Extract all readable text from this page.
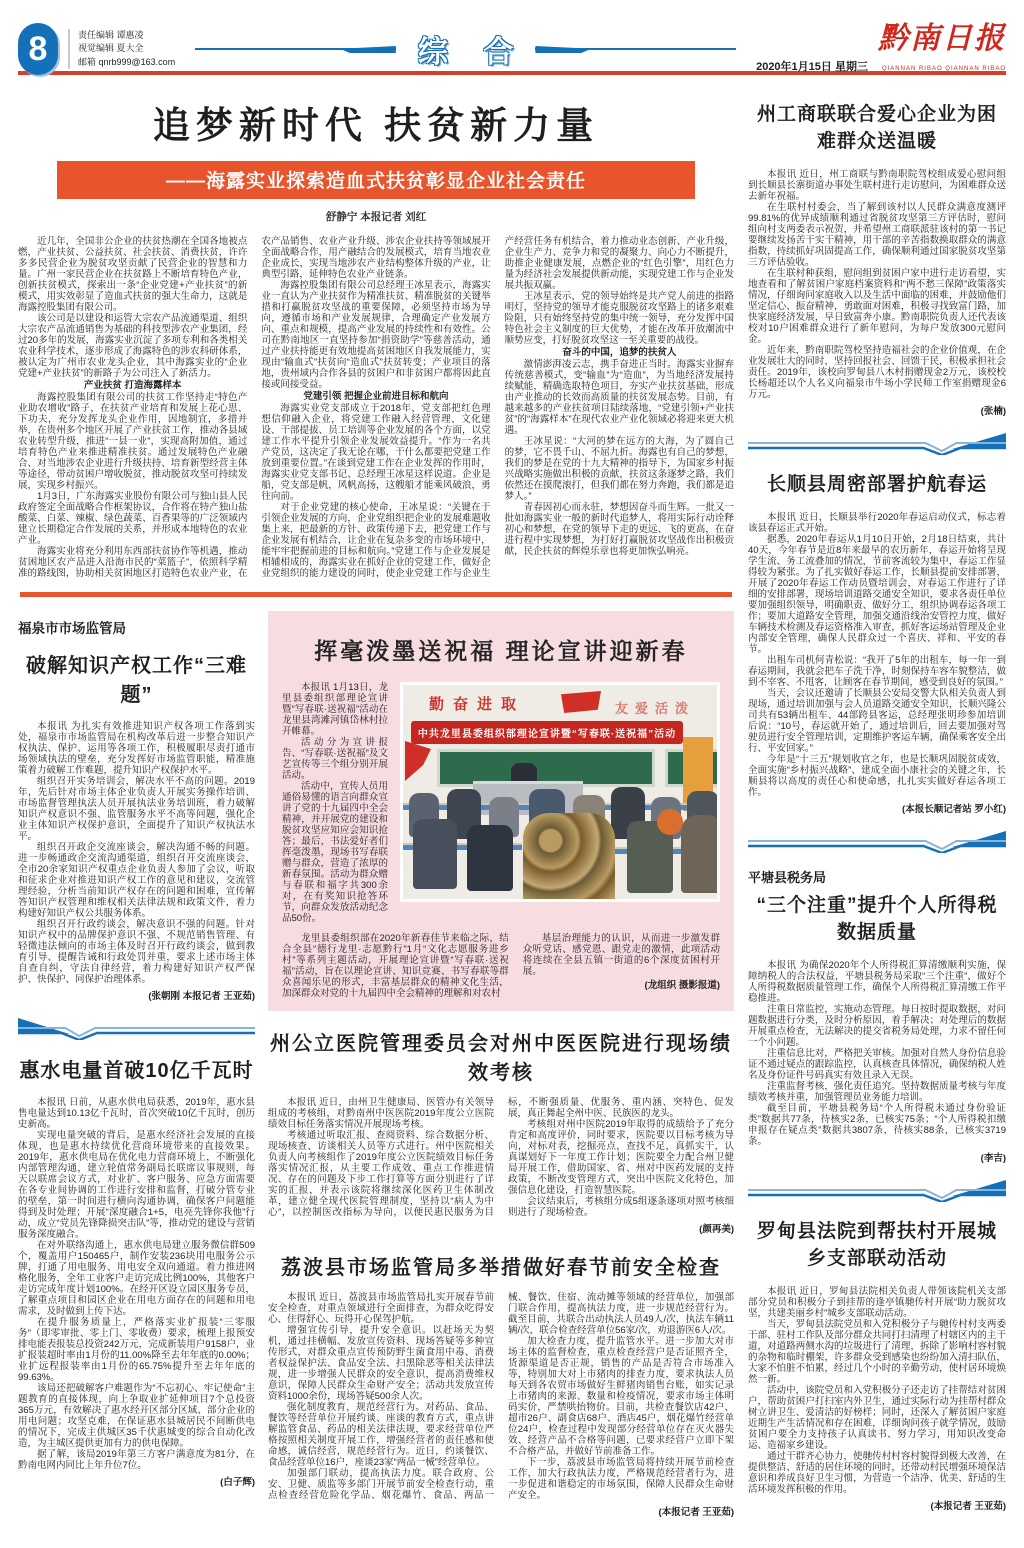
8	责任编辑 谭惠凌
视觉编辑 夏大全
邮箱 qnrb999@163.com	综 合	黔南日报
2020年1月15日 星期三 QIANNAN RIBAO QIANNAN RIBAO
追梦新时代 扶贫新力量
——海露实业探索造血式扶贫彰显企业社会责任
舒静宁 本报记者 刘红

近几年，全国非公企业的扶贫热潮在全国各地被点燃，产业扶贫、公益扶贫、社会扶贫、消费扶贫，许许多多民营企业为脱贫攻坚贡献了民营企业的智慧和力量。广州一家民营企业在扶贫路上不断培育特色产业，创新扶贫模式，探索出一条“企业党建+产业扶贫”的新模式，用实效彰显了造血式扶贫的强大生命力，这就是海露控股集团有限公司。

该公司是以建设和运管大宗农产品流通渠道、组织大宗农产品流通销售为基础的科技型涉农产业集团，经过20多年的发展，海露实业沉淀了多项专利和各类相关农业科学技术，逐步形成了海露特色的涉农科研体系，被认定为广州市农业龙头企业，其中海露实业的“企业党建+产业扶贫”的新路子为公司注入了新活力。

产业扶贫 打造海露样本

海露控股集团有限公司的扶贫工作坚持走“特色产业助农增收”路子，在扶贫产业培育和发展上花心思、下功夫，充分发挥龙头企业作用，因地制宜，多措并举，在贵州多个地区开展了产业扶贫工作，推动各县域农业转型升级，推进“一县一业”，实现高附加值，通过培育特色产业来推进精准扶贫。通过发展特色产业融合、对当地涉农企业进行升级扶持、培育新型经营主体等途径，带动贫困户增收脱贫，推动脱贫攻坚可持续发展，实现乡村振兴。

1月3日，广东海露实业股份有限公司与独山县人民政府签定全面战略合作框架协议，合作将在特产独山盐酸菜、白菜、辣椒、绿色蔬菜、百香果等的广泛领域内建立长期稳定合作发展的关系，并形成本地特色的农业产业。

海露实业将充分利用东西部扶贫协作等机遇，推动贫困地区农产品进入沿海市民的“菜篮子”，依照科学精准的路线图，协助相关贫困地区打造特色农业产业，在农产品销售、农业产业升级、涉农企业扶持等领域展开全面战略合作，用产融结合的发展模式，培育当地农业企业成长，实现当地涉农产业结构整体升级的产业，让典型引路，延伸特色农业产业链条。

海露控股集团有限公司总经理王冰星表示，海露实业一直认为产业扶贫作为精准扶贫、精准脱贫的关键举措和打赢脱贫攻坚战的重要保障，必须坚持市场为导向，遵循市场和产业发展规律，合理确定产业发展方向、重点和规模，提高产业发展的持续性和有效性。公司在黔南地区一直坚持参加“捐资助学”等慈善活动，通过产业扶持能更有效地提高贫困地区自我发展能力，实现由“输血式”扶贫向“造血式”扶贫转变；产业项目的落地，贵州域内合作各县的贫困户和非贫困户都将因此直接或间接受益。

党建引领 把握企业前进目标和航向

海露实业党支部成立于2018年，党支部把红色理想信仰融入企业，将党建工作融入经营管理、文化建设、干部提拔、员工培训等企业发展的各个方面，以党建工作水平提升引领企业发展效益提升。“作为一名共产党员，这决定了我无论在哪，干什么都要把党建工作放到重要位置。”在谈到党建工作在企业发挥的作用时，海露实业党支部书记、总经理王冰星这样说道。企业是船，党支部是帆，风帆高扬，这艘船才能乘风破浪，勇往向前。

对于企业党建的核心使命，王冰星说：“关键在于引领企业发展的方向，企业党组织把企业的发展难题收集上来，把最新的方针、政策传递下去，把党建工作与企业发展有机结合，让企业在复杂多变的市场环境中，能牢牢把握前进的目标和航向。”党建工作与企业发展是相辅相成的，海露实业在抓好企业的党建工作，做好企业党组织的能力建设的同时，使企业党建工作与企业生产经营任务有机结合，着力推动业态创新、产业升级，企业生产力、竞争力和党的凝聚力、向心力不断提升，助推企业健康发展，点燃企业的“红色引擎”，用红色力量为经济社会发展提供新动能，实现党建工作与企业发展共振双赢。

王冰星表示，党的领导始终是共产党人前进的指路明灯，坚持党的领导才能克服脱贫攻坚路上的诸多艰难险阻，只有始终坚持党的集中统一领导，充分发挥中国特色社会主义制度的巨大优势，才能在改革开放潮流中顺势应变，打好脱贫攻坚这一至关重要的战役。

奋斗的中国，追梦的扶贫人

激情澎湃凌云志，携手奋进正当时。海露实业摒弃传统慈善模式，变“输血”为“造血”，为当地经济发展持续赋能，精确选取特色项目，夯实产业扶贫基础，形成由产业推动的长效而高质量的扶贫发展态势。目前，有越来越多的产业扶贫项目陆续落地，“党建引领+产业扶贫”的“海露样本”在现代农业产业化领域必将迎来更大机遇。

王冰星说：“大河的梦在远方的大海，为了圆自己的梦，它不畏千山、不屈九折。海露也有自己的梦想，我们的梦是在党的十九大精神的指导下，为国家乡村振兴战略实施做出积极的贡献，扶贫这条逐梦之路，我们依然还在摸爬滚打，但我们都在努力奔跑，我们都是追梦人。”

青春因初心而永驻，梦想因奋斗而生辉。一批又一批如海露实业一般的新时代追梦人，将用实际行动诠释初心和梦想，在党的领导下走的更远、飞的更高，在奋进行程中实现梦想，为打好打赢脱贫攻坚战作出积极贡献，民企扶贫的辉煌乐章也将更加恢弘响亮。

福泉市市场监管局
破解知识产权工作“三难题”

本报讯 为扎实有效推进知识产权各项工作落到实处，福泉市市场监管局在机构改革后进一步整合知识产权执法、保护、运用等各项工作，积极履职尽责打通市场领域执法的壁垒，充分发挥好市场监管职能，精准施策着力破解工作难题，提升知识产权保护水平。

组织召开实务培训会，解决水平不高的问题。2019年，先后针对市场主体企业负责人开展实务操作培训、市场监督管理执法人员开展执法业务培训班，着力破解知识产权意识不强、监管服务水平不高等问题，强化企业主体知识产权保护意识，全面提升了知识产权执法水平。

组织召开政企交流座谈会，解决沟通不畅的问题。进一步畅通政企交流沟通渠道，组织召开交流座谈会，全市20余家知识产权重点企业负责人参加了会议，听取和征求企业对推进知识产权工作的意见和建议，交流管理经验，分析当前知识产权存在的问题和困难，宣传解答知识产权管理和维权相关法律法规和政策文件，着力构建好知识产权公共服务体系。

组织召开行政约谈会，解决意识不强的问题。针对知识产权中的品牌保护意识不强、不规范销售管理、有轻微违法倾向的市场主体及时召开行政约谈会，做到教育引导、提醒告诫和行政处罚并重，要求上述市场主体自查自纠，守法自律经营，着力构建好知识产权严保护、快保护、同保护治理体系。

(张朝刚 本报记者 王亚茹)
惠水电量首破10亿千瓦时

本报讯 日前，从惠水供电局获悉，2019年，惠水县售电量达到10.13亿千瓦时，首次突破10亿千瓦时，创历史新高。

实现电量突破的背后，是惠水经济社会发展的直接体现，也是惠水持续优化营商环境带来的直接效果。2019年，惠水供电局在优化电力营商环境上，不断强化内部管理沟通，建立轮值常务副局长联席议事规则，每天以联席会议方式，对业扩、客户服务、应急方面需要在各专业间协调的工作进行安排和监督，打破分管专业的壁垒，第一时间进行横向沟通协调，确保客户问题能得到及时处理；开展“深度融合1+5，电亮先锋你我他”行动，成立“党员先锋降损突击队”等，推动党的建设与营销服务深度融合。

在对外联络沟通上，惠水供电局建立服务微信群509个，覆盖用户150465户，制作安装236块用电服务公示牌，打通了用电服务、用电安全双向通道。着力推进网格化服务，全年工业客户走访完成比例100%，其他客户走访完成年度计划100%。在经开区设立园区服务专员，了解重点项目和园区企业在用电方面存在的问题和用电需求，及时做到上传下达。

在提升服务质量上，严格落实业扩报装“三零服务”（即零审批、零上门、零收费）要求，梳理上报预安排电能表报装总投资242万元，完成新装用户9158户，业扩报装超时率由1月份的11.00%降至去年年底的0.00%；业扩远程报装率由1月份的65.75%提升至去年年底的99.63%。

该局还把破解客户难题作为“不忘初心、牢记使命”主题教育的直接体现，向上争取业扩延伸项目7个总投资365万元，有效解决了惠水经开区部分区域、部分企业的用电问题；攻坚克难，在保证惠水县城居民不间断供电的情况下，完成主供城区35千伏惠城变的综合自动化改造，为主城区提供更加有力的供电保障。

据了解，该局2019年第三方客户满意度为81分，在黔南电网内同比上年升位7位。

(白子辉)
挥毫泼墨送祝福 理论宣讲迎新春

本报讯 1月13日，龙里县委组织部理论宣讲暨“写春联·送祝福”活动在龙里县湾滩河镇岱林村拉开帷幕。

活动分为宣讲报告、“写春联·送祝福”及文艺宣传等三个组分别开展活动。

活动中，宣传人员用通俗易懂的语言向群众宣讲了党的十九届四中全会精神，并开展党的建设和脱贫攻坚应知应会知识抢答；最后，书法爱好者们挥毫泼墨，现场书写春联赠与群众，营造了浓厚的新春氛围。活动为群众赠与春联和福字共300余对，在有奖知识抢答环节，向群众发放活动纪念品50份。

勤奋进取	友爱活泼
中共龙里县委组织部理论宣讲暨“写春联·送祝福”活动

龙里县委组织部在2020年新春佳节来临之际，结合全县“德行龙里·志愿黔行”1月“文化志愿服务进乡村”等系列主题活动，开展理论宣讲暨“写春联·送祝福”活动，旨在以理论宣讲、知识竞赛、书写春联等群众喜闻乐见的形式，丰富基层群众的精神文化生活，加深群众对党的十九届四中全会精神的理解和对农村

基层治理能力的认识，从而进一步激发群众听党话、感党恩、跟党走的激情，此项活动将连续在全县五镇一街道的6个深度贫困村开展。

(龙组织 摄影报道)
州公立医院管理委员会对州中医医院进行现场绩效考核

本报讯 近日，由州卫生健康局、医管办有关领导组成的考核组，对黔南州中医医院2019年度公立医院绩效目标任务落实情况开展现场考核。

考核通过听取汇报、查阅资料、综合数据分析、现场核查、访谈相关人员等方式进行。州中医院相关负责人向考核组作了2019年度公立医院绩效目标任务落实情况汇报，从主要工作成效、重点工作推进情况、存在的问题及下步工作打算等方面分别进行了详实的汇报，并表示该院将继续深化医药卫生体制改革，建立健全现代医院管理制度，坚持以“病人为中心”，以控制医改指标为导向，以便民惠民服务为目标，不断强质量、优服务、重内涵、突特色、促发展，真正舞起全州中医、民族医的龙头。

考核组对州中医院2019年取得的成绩给予了充分肯定和高度评价，同时要求，医院要以目标考核为导向，对标对表，挖掘亮点，查找不足，真抓实干，认真谋划好下一年度工作计划；医院要全力配合州卫健局开展工作，借助国家、省、州对中医药发展的支持政策，不断改变管理方式，突出中医院文化特色，加强信息化建设，打造智慧医院。

会议结束后，考核组分成5组逐条逐项对照考核细则进行了现场检查。

(颜再美)
荔波县市场监管局多举措做好春节前安全检查

本报讯 近日，荔波县市场监管局扎实开展春节前安全检查，对重点领域进行全面排查，为群众吃得安心、住得舒心、玩得开心保驾护航。

增强宣传引导，提升安全意识。以赶场天为契机，通过挂横幅、发放宣传资料、现场答疑等多种宣传形式，对群众重点宣传预防野生菌食用中毒、消费者权益保护法、食品安全法、扫黑除恶等相关法律法规，进一步增强人民群众的安全意识，提高消费维权意识，保障人民群众生命财产安全；活动共发放宣传资料1000余份，现场答疑500余人次。

强化制度教育，规范经营行为。对药品、食品、餐饮等经营单位开展约谈、座谈的教育方式，重点讲解监管食品、药品的相关法律法规，要求经营单位严格按照相关制度开展工作，增强经营者的责任感和使命感，诚信经营，规范经营行为。近日，约谈餐饮、食品经营单位16户，座谈23家“两品一械”经营单位。

加强部门联动，提高执法力度。联合政府、公安、卫健、质监等多部门开展节前安全检查行动，重点检查经营危险化学品、烟花爆竹、食品、两品一械、餐饮、住宿、流动摊等领域的经营单位，加强部门联合作用，提高执法力度，进一步规范经营行为。截至目前，共联合出动执法人员49人/次，执法车辆11辆/次，联合检查经营单位56家/次，劝退游医6人/次。

加大检查力度，提升监管水平。进一步加大对市场主体的监督检查，重点检查经营户是否证照齐全，货源渠道是否正规，销售的产品是否符合市场准入等，特别加大对上市猪肉的排查力度，要求执法人员每天到各农贸市场做好生鲜猪肉销售台账，如实记录上市猪肉的来源、数量和检疫情况，要求市场主体明码实价，严禁哄抬物价。目前，共检查餐饮店42户、超市26户、副食店68户、酒店45户，烟花爆竹经营单位24户，检查过程中发现部分经营单位存在灭火器失效、经营产品不合格等问题，已要求经营户立即下架不合格产品，并做好节前准备工作。

下一步，荔波县市场监管局将持续开展节前检查工作，加大行政执法力度，严格规范经营者行为，进一步促进和谐稳定的市场氛围，保障人民群众生命财产安全。

(本报记者 王亚茹)
州工商联联合爱心企业为困难群众送温暖

本报讯 近日，州工商联与黔南职院驾校组成爱心慰问组到长顺县长寨街道办事处生联村进行走访慰问，为困难群众送去新年祝福。

在生联村村委会，当了解到该村以人民群众满意度测评99.81%的优异成绩顺利通过省脱贫攻坚第三方评估时，慰问组向村支两委表示祝贺，并希望州工商联派驻该村的第一书记要继续发扬苦干实干精神，用干部的辛苦指数换取群众的满意指数，持续抓好巩固提高工作，确保顺利通过国家脱贫攻坚第三方评估验收。

在生联村种获组，慰问组到贫困户家中进行走访看望，实地查看和了解贫困户家庭档案资料和“两不愁三保障”政策落实情况，仔细询问家庭收入以及生活中面临的困难，并鼓励他们坚定信心、振奋精神，勇敢面对困难，积极寻找致富门路，加快家庭经济发展，早日致富奔小康。黔南职院负责人还代表该校对10户困难群众进行了新年慰问，为每户发放300元慰问金。

近年来，黔南职院驾校坚持造福社会的企业价值观，在企业发展壮大的同时，坚持回报社会、回馈于民，积极承担社会责任。2019年，该校向罗甸县八木村捐赠现金2万元，该校校长杨超还以个人名义向福泉市牛场小学民师工作室捐赠现金6万元。

(张楠)
长顺县周密部署护航春运

本报讯 近日，长顺县举行2020年春运启动仪式，标志着该县春运正式开始。

据悉，2020年春运从1月10日开始，2月18日结束，共计40天，今年春节是近8年来最早的农历新年，春运开始将呈现学生流、务工流叠加的情况，节前客流较为集中，春运工作显得较为紧张。为了扎实做好春运工作，长顺县提前安排部署，开展了2020年春运工作动员暨培训会，对春运工作进行了详细的安排部署，现场培训道路交通安全知识，要求各责任单位要加强组织领导，明确职责、做好分工，组织协调春运各项工作；要加大道路安全管理，加强交通沿线治安管控力度，做好车辆技术检测及春运资格准入审查，抓好客运场站管理及企业内部安全管理，确保人民群众过一个喜庆、祥和、平安的春节。

出租车司机何青松说：“我开了5年的出租车，每一年一到春运期间，我就会把车子洗干净，时刻保持车容车貌整洁，做到不宰客、不甩客，让顾客在春节期间，感受到良好的氛围。”

当天，会议还邀请了长顺县公安局交警大队相关负责人到现场，通过培训加强与会人员道路交通安全知识，长顺兴隆公司共有53辆出租车、44部跨县客运，总经理张明珍参加培训后说：“10号，春运就开始了，通过培训后，回去要加强对驾驶员进行安全管理培训，定期维护客运车辆，确保乘客安全出行、平安回家。”

今年是“十三五”规划收官之年，也是长顺巩固脱贫成效，全面实施“乡村振兴战略”、建成全面小康社会的关键之年，长顺县将以高度的责任心和使命感，扎扎实实做好春运各项工作。

(本报长顺记者站 罗小红)
平塘县税务局
“三个注重”提升个人所得税数据质量

本报讯 为确保2020年个人所得税汇算清缴顺利实施，保障纳税人的合法权益，平塘县税务局采取“三个注重”，做好个人所得税数据质量管理工作，确保个人所得税汇算清缴工作平稳推进。

注重日常监控，实施动态管理。每日按时提取数据，对问题数据进行分类，及时分析原因，着手解决；对处理后的数据开展重点检查，无法解决的提交省税务局处理，力求不留任何一个小问题。

注重信息比对，严格把关审核。加强对自然人身份信息验证不通过疑点的跟踪监控，认真核查具体情况，确保纳税人姓名及身份证件号码真实有效且录入无误。

注重监督考核，强化责任追究。坚持数据质量考核与年度绩效考核并重，加强管理员业务能力培训。

截至目前，平塘县税务局“个人所得税未通过身份验证类”数据共77条，待核实2条，已核实75条；“个人所得税扣缴申报存在疑点类”数据共3807条，待核实88条，已核实3719条。

(李吉)
罗甸县法院到帮扶村开展城乡支部联动活动

本报讯 近日，罗甸县法院相关负责人带领该院机关支部部分党员和积极分子到挂帮的逢亭镇毑传村开展“助力脱贫攻坚，共建美丽乡村”城乡支部联动活动。

当天，罗甸县法院党员和入党积极分子与毑传村村支两委干部、驻村工作队及部分群众共同打扫清理了村辖区内的主干道，对道路两侧水沟的垃圾进行了清理，拆除了影响村容村貌的杂物和临时棚架，许多群众受到感染也纷纷加入清扫队伍，大家不怕脏不怕累，经过几个小时的辛勤劳动，使村居环境焕然一新。

活动中，该院党员和入党积极分子还走访了挂帮结对贫困户，帮助贫困户打扫室内外卫生，通过实际行动为挂帮村群众树立讲卫生、爱清洁的好榜样；同时，还深入了解贫困户家庭近期生产生活情况和存在困难，详细询问孩子就学情况，鼓励贫困户要全力支持孩子认真读书、努力学习，用知识改变命运、造福家乡建设。

通过干群齐心协力，使毑传村村容村貌得到极大改善，在提供整洁、舒适的居住环境的同时，还带动村民增强环境保洁意识和养成良好卫生习惯，为营造一个洁净、优美、舒适的生活环境发挥积极的作用。

(本报记者 王亚茹)
